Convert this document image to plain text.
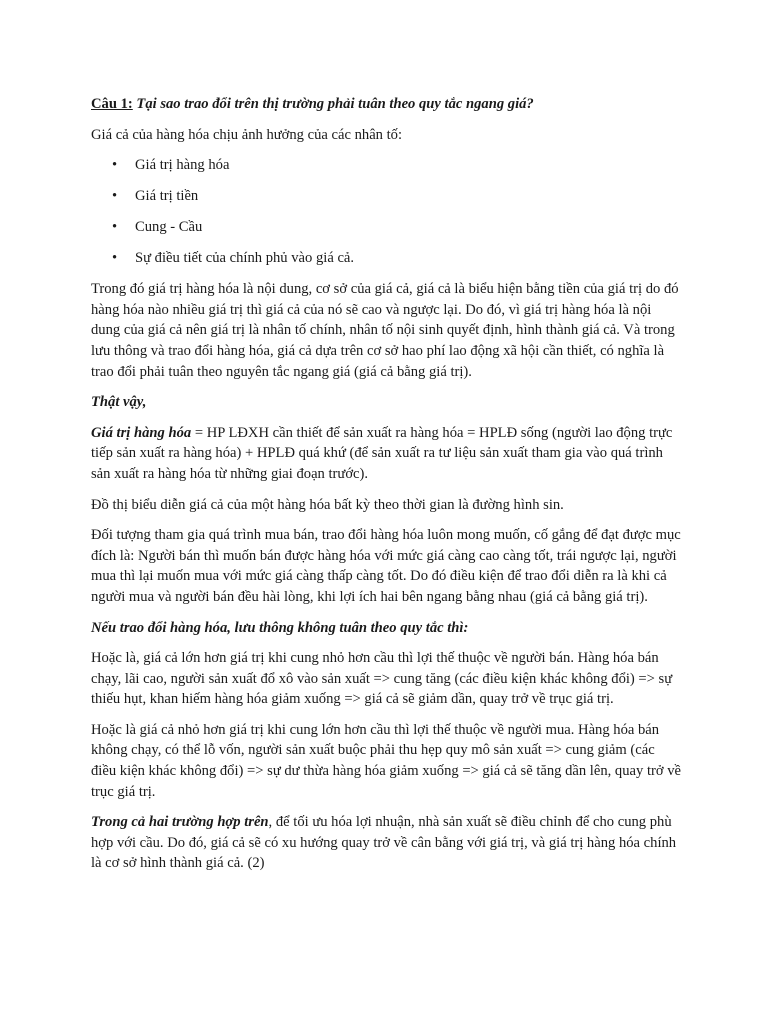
Câu 1: Tại sao trao đổi trên thị trường phải tuân theo quy tắc ngang giá?

Giá cả của hàng hóa chịu ảnh hưởng của các nhân tố:

• Giá trị hàng hóa
• Giá trị tiền
• Cung - Cầu
• Sự điều tiết của chính phủ vào giá cả.

Trong đó giá trị hàng hóa là nội dung, cơ sở của giá cả, giá cả là biểu hiện bằng tiền của giá trị do đó hàng hóa nào nhiều giá trị thì giá cả của nó sẽ cao và ngược lại. Do đó, vì giá trị hàng hóa là nội dung của giá cả nên giá trị là nhân tố chính, nhân tố nội sinh quyết định, hình thành giá cả. Và trong lưu thông và trao đổi hàng hóa, giá cả dựa trên cơ sở hao phí lao động xã hội cần thiết, có nghĩa là trao đổi phải tuân theo nguyên tắc ngang giá (giá cả bằng giá trị).

Thật vậy,

Giá trị hàng hóa = HP LĐXH cần thiết để sản xuất ra hàng hóa = HPLĐ sống (người lao động trực tiếp sản xuất ra hàng hóa) + HPLĐ quá khứ (để sản xuất ra tư liệu sản xuất tham gia vào quá trình sản xuất ra hàng hóa từ những giai đoạn trước).

Đồ thị biểu diễn giá cả của một hàng hóa bất kỳ theo thời gian là đường hình sin.

Đối tượng tham gia quá trình mua bán, trao đổi hàng hóa luôn mong muốn, cố gắng để đạt được mục đích là: Người bán thì muốn bán được hàng hóa với mức giá càng cao càng tốt, trái ngược lại, người mua thì lại muốn mua với mức giá càng thấp càng tốt. Do đó điều kiện để trao đổi diễn ra là khi cả người mua và người bán đều hài lòng, khi lợi ích hai bên ngang bằng nhau (giá cả bằng giá trị).

Nếu trao đổi hàng hóa, lưu thông không tuân theo quy tắc thì:

Hoặc là, giá cả lớn hơn giá trị khi cung nhỏ hơn cầu thì lợi thế thuộc về người bán. Hàng hóa bán chạy, lãi cao, người sản xuất đổ xô vào sản xuất => cung tăng (các điều kiện khác không đổi) => sự thiếu hụt, khan hiếm hàng hóa giảm xuống => giá cả sẽ giảm dần, quay trở về trục giá trị.

Hoặc là giá cả nhỏ hơn giá trị khi cung lớn hơn cầu thì lợi thế thuộc về người mua. Hàng hóa bán không chạy, có thể lỗ vốn, người sản xuất buộc phải thu hẹp quy mô sản xuất => cung giảm (các điều kiện khác không đổi) => sự dư thừa hàng hóa giảm xuống => giá cả sẽ tăng dần lên, quay trở về trục giá trị.

Trong cả hai trường hợp trên, để tối ưu hóa lợi nhuận, nhà sản xuất sẽ điều chỉnh để cho cung phù hợp với cầu. Do đó, giá cả sẽ có xu hướng quay trở về cân bằng với giá trị, và giá trị hàng hóa chính là cơ sở hình thành giá cả. (2)
